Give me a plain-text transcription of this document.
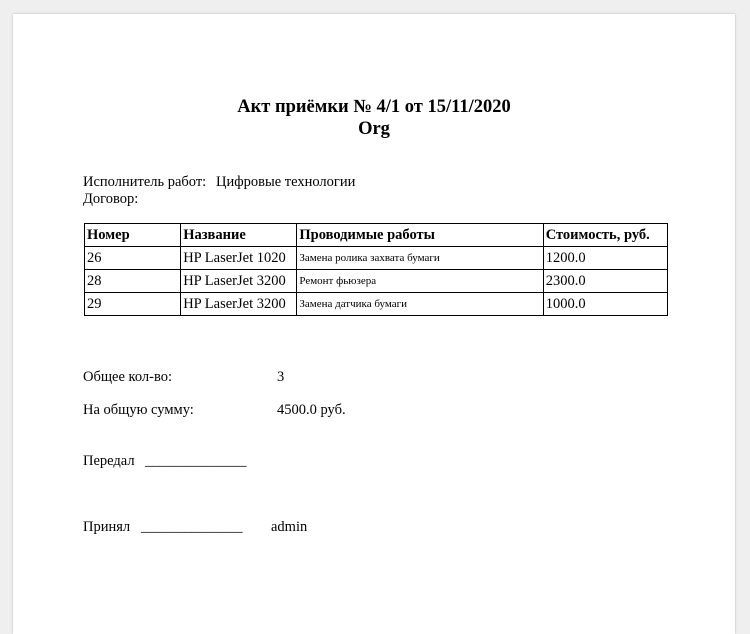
Акт приёмки № 4/1 от 15/11/2020
Org
Исполнитель работ: Цифровые технологии
Договор:
Номер	Название	Проводимые работы	Стоимость, руб.
26	HP LaserJet 1020	Замена ролика захвата бумаги	1200.0
28	HP LaserJet 3200	Ремонт фьюзера	2300.0
29	HP LaserJet 3200	Замена датчика бумаги	1000.0
Общее кол-во:	3
На общую сумму:	4500.0 руб.
Передал ______________
Принял ______________ admin
